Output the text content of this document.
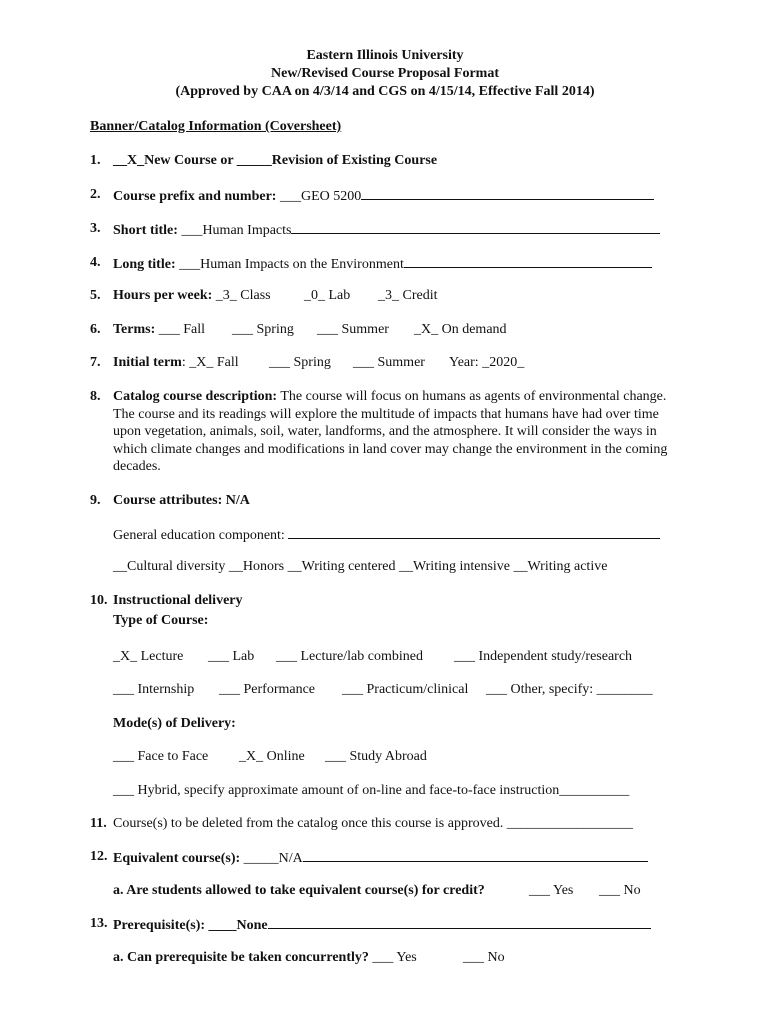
Eastern Illinois University
New/Revised Course Proposal Format
(Approved by CAA on 4/3/14 and CGS on 4/15/14, Effective Fall 2014)
Banner/Catalog Information (Coversheet)
1. __X_New Course or _____Revision of Existing Course
2. Course prefix and number: ___GEO 5200
3. Short title: ___Human Impacts
4. Long title: ___Human Impacts on the Environment
5. Hours per week: _3_ Class _0_ Lab _3_ Credit
6. Terms: ___ Fall ___ Spring ___ Summer _X_ On demand
7. Initial term: _X_ Fall ___ Spring ___ Summer Year: _2020_
8. Catalog course description: The course will focus on humans as agents of environmental change. The course and its readings will explore the multitude of impacts that humans have had over time upon vegetation, animals, soil, water, landforms, and the atmosphere. It will consider the ways in which climate changes and modifications in land cover may change the environment in the coming decades.
9. Course attributes: N/A
General education component:
__Cultural diversity __Honors __Writing centered __Writing intensive __Writing active
10. Instructional delivery
Type of Course:
_X_ Lecture ___ Lab ___ Lecture/lab combined ___ Independent study/research
___ Internship ___ Performance ___ Practicum/clinical ___ Other, specify: ________
Mode(s) of Delivery:
___ Face to Face _X_ Online ___ Study Abroad
___ Hybrid, specify approximate amount of on-line and face-to-face instruction__________
11. Course(s) to be deleted from the catalog once this course is approved. __________________
12. Equivalent course(s): _____N/A
a. Are students allowed to take equivalent course(s) for credit?	___ Yes ___ No
13. Prerequisite(s): ____None
a. Can prerequisite be taken concurrently? ___ Yes	___ No
